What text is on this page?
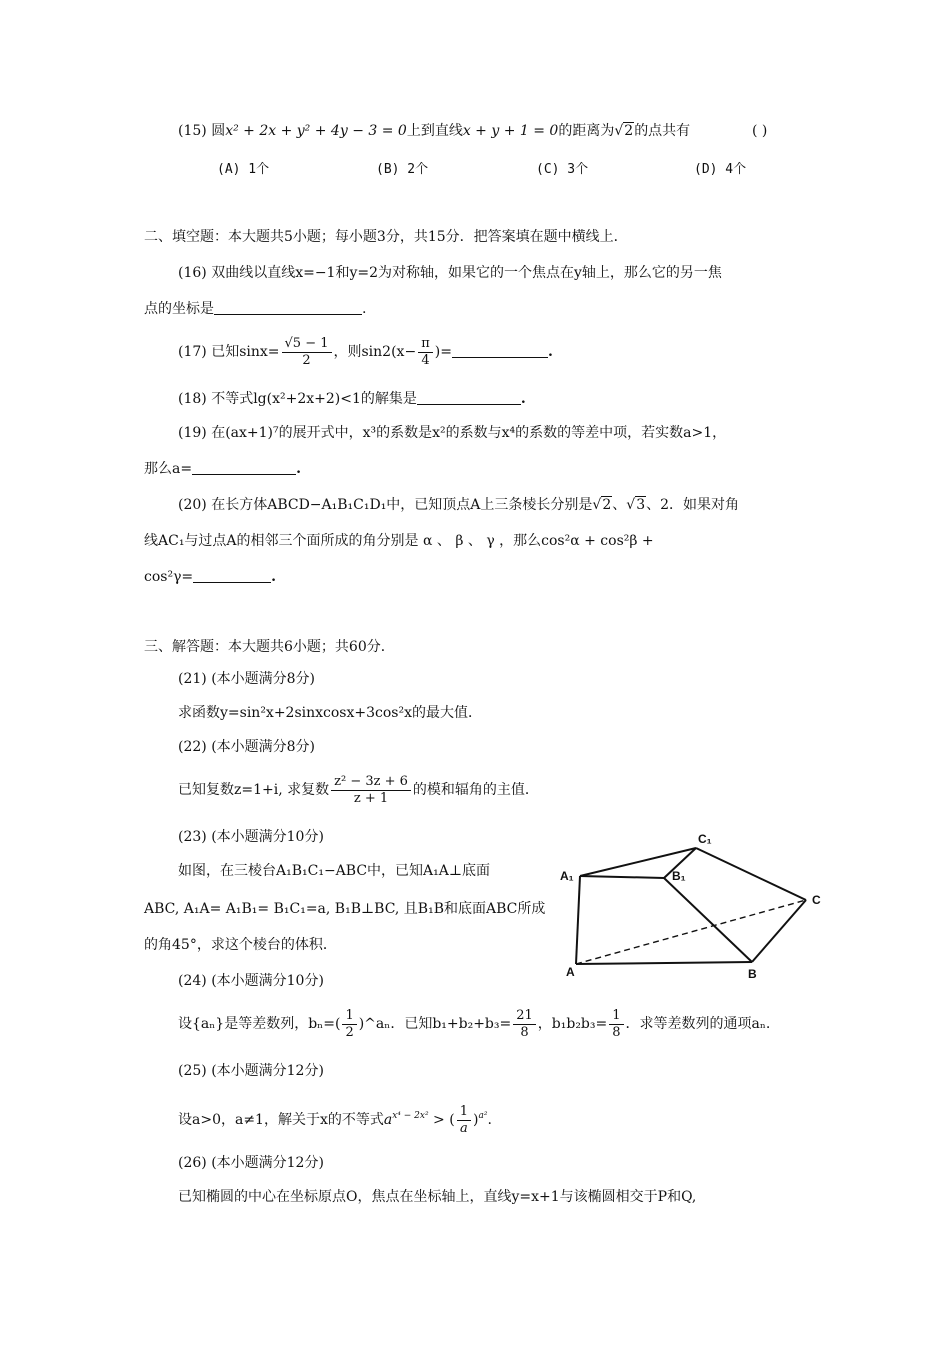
(15) 圆x² + 2x + y² + 4y − 3 = 0上到直线x + y + 1 = 0的距离为√2的点共有	( )
(A) 1个	(B) 2个	(C) 3个	(D) 4个
二、填空题：本大题共5小题；每小题3分，共15分．把答案填在题中横线上．
(16) 双曲线以直线x=−1和y=2为对称轴，如果它的一个焦点在y轴上，那么它的另一焦
点的坐标是	.
(17) 已知$\sin x= \frac{√5 - 1}{2}$ ，则$\sin 2(x- \frac{\pi}{4}$ )=	.
(18) 不等式lg(x²+2x+2)<1的解集是	.
(19) 在(ax+1)⁷的展开式中，x³的系数是x²的系数与x⁴的系数的等差中项，若实数a>1，
那么a=	.
(20) 在长方体ABCD−A₁B₁C₁D₁中，已知顶点A上三条棱长分别是√2、√3、2．如果对角
线AC₁与过点A的相邻三个面所成的角分别是 α 、 β 、 γ ，那么cos²α + cos²β +
cos²γ=	.
三、解答题：本大题共6小题；共60分．
(21) (本小题满分8分)
求函数y=sin²x+2sinxcosx+3cos²x的最大值．
(22) (本小题满分8分)
已知复数z=1+i, 求复数 $\frac{\text{z² − 3z + 6}}{z + 1}$ 的模和辐角的主值．
(23) (本小题满分10分)
如图，在三棱台A₁B₁C₁−ABC中，已知A₁A⊥底面
ABC, A₁A= A₁B₁= B₁C₁=a, B₁B⊥BC, 且B₁B和底面ABC所成
的角45°，求这个棱台的体积．
C₁
A₁	B₁
C
A	B
(24) (本小题满分10分)
设{aₙ}是等差数列，$b_n=( \frac{1}{2}$ )^aₙ．已知$b_1+b_2+b_3= \frac{21}{8}$ ，$b_1b_2b_3= \frac{1}{8}$ ．求等差数列的通项aₙ.
(25) (本小题满分12分)
设a>0，a≠1，解关于x的不等式$a^{x^4 - 2x^2}$ > ( $\frac{1}{a} )^{a^2}$.
(26) (本小题满分12分)
已知椭圆的中心在坐标原点O，焦点在坐标轴上，直线y=x+1与该椭圆相交于P和Q,
